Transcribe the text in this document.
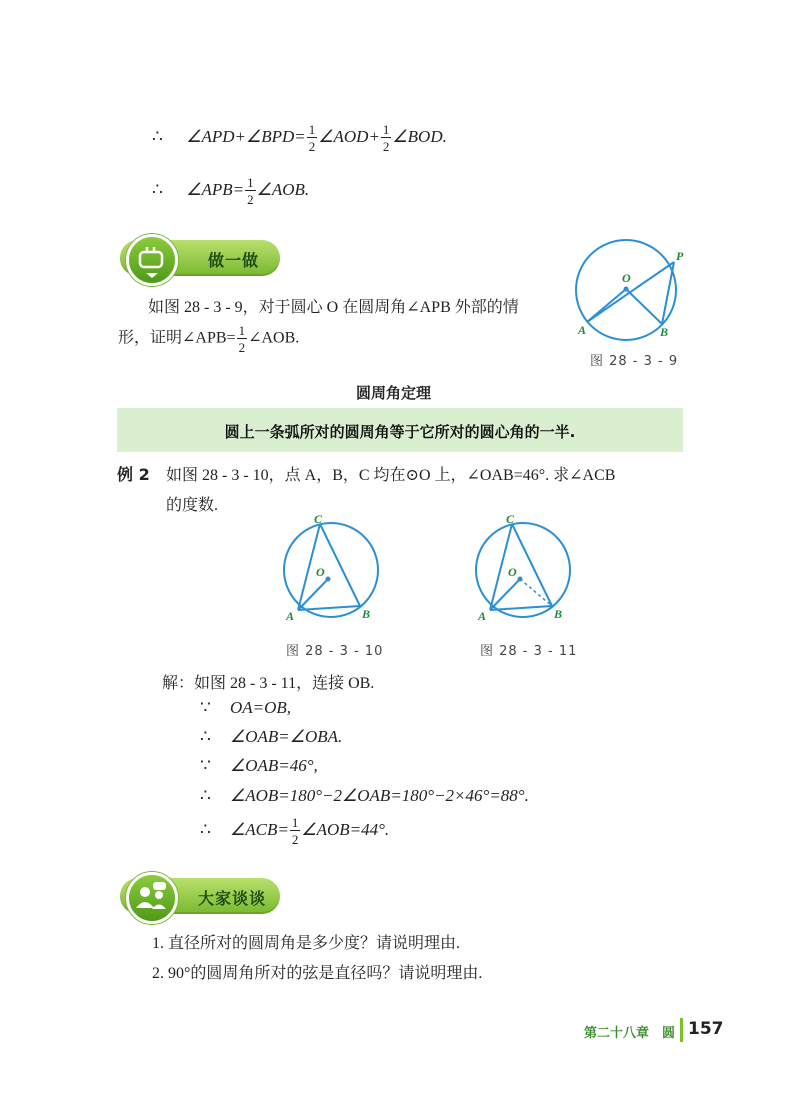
∴ ∠APD+∠BPD= $\frac{1}{2}$ ∠AOD+ $\frac{1}{2}$ ∠BOD.
∴ ∠APB= $\frac{1}{2}$ ∠AOB.
做一做
如图 28 - 3 - 9，对于圆心 O 在圆周角∠APB 外部的情
形，证明∠APB= $\frac{1}{2}$ ∠AOB.
O
P
A	B
图 28 - 3 - 9
圆周角定理
圆上一条弧所对的圆周角等于它所对的圆心角的一半.
例 2 如图 28 - 3 - 10，点 A，B，C 均在⊙O 上，∠OAB=46°. 求∠ACB
的度数.
C
O
A	B
图 28 - 3 - 10
C
O
A	B
图 28 - 3 - 11
解：如图 28 - 3 - 11，连接 OB.
∵ OA=OB,
∴ ∠OAB=∠OBA.
∵ ∠OAB=46°,
∴ ∠AOB=180°−2∠OAB=180°−2×46°=88°.
∴ ∠ACB= $\frac{1}{2}$ ∠AOB=44°.
大家谈谈
1. 直径所对的圆周角是多少度？请说明理由.
2. 90°的圆周角所对的弦是直径吗？请说明理由.
第二十八章　圆 157
